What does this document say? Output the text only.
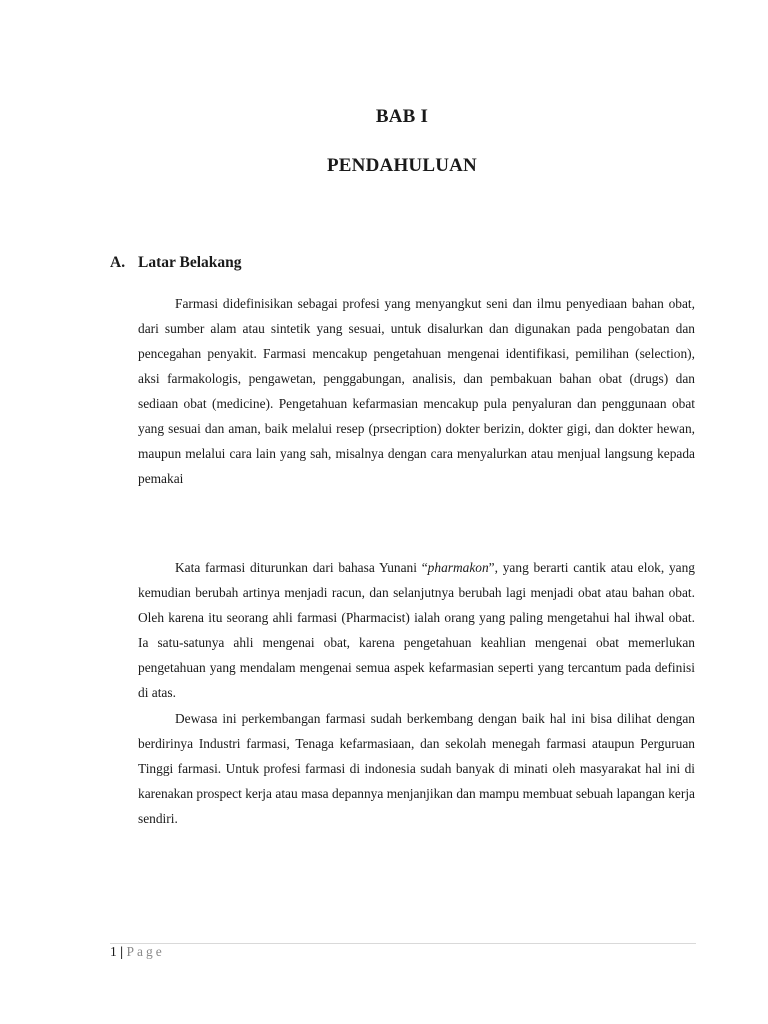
BAB I
PENDAHULUAN
A. Latar Belakang

Farmasi didefinisikan sebagai profesi yang menyangkut seni dan ilmu penyediaan bahan obat, dari sumber alam atau sintetik yang sesuai, untuk disalurkan dan digunakan pada pengobatan dan pencegahan penyakit. Farmasi mencakup pengetahuan mengenai identifikasi, pemilihan (selection), aksi farmakologis, pengawetan, penggabungan, analisis, dan pembakuan bahan obat (drugs) dan sediaan obat (medicine). Pengetahuan kefarmasian mencakup pula penyaluran dan penggunaan obat yang sesuai dan aman, baik melalui resep (prsecription) dokter berizin, dokter gigi, dan dokter hewan, maupun melalui cara lain yang sah, misalnya dengan cara menyalurkan atau menjual langsung kepada pemakai

Kata farmasi diturunkan dari bahasa Yunani “pharmakon”, yang berarti cantik atau elok, yang kemudian berubah artinya menjadi racun, dan selanjutnya berubah lagi menjadi obat atau bahan obat. Oleh karena itu seorang ahli farmasi (Pharmacist) ialah orang yang paling mengetahui hal ihwal obat. Ia satu-satunya ahli mengenai obat, karena pengetahuan keahlian mengenai obat memerlukan pengetahuan yang mendalam mengenai semua aspek kefarmasian seperti yang tercantum pada definisi di atas.

Dewasa ini perkembangan farmasi sudah berkembang dengan baik hal ini bisa dilihat dengan berdirinya Industri farmasi, Tenaga kefarmasiaan, dan sekolah menegah farmasi ataupun Perguruan Tinggi farmasi. Untuk profesi farmasi di indonesia sudah banyak di minati oleh masyarakat hal ini di karenakan prospect kerja atau masa depannya menjanjikan dan mampu membuat sebuah lapangan kerja sendiri.

1 | Page
